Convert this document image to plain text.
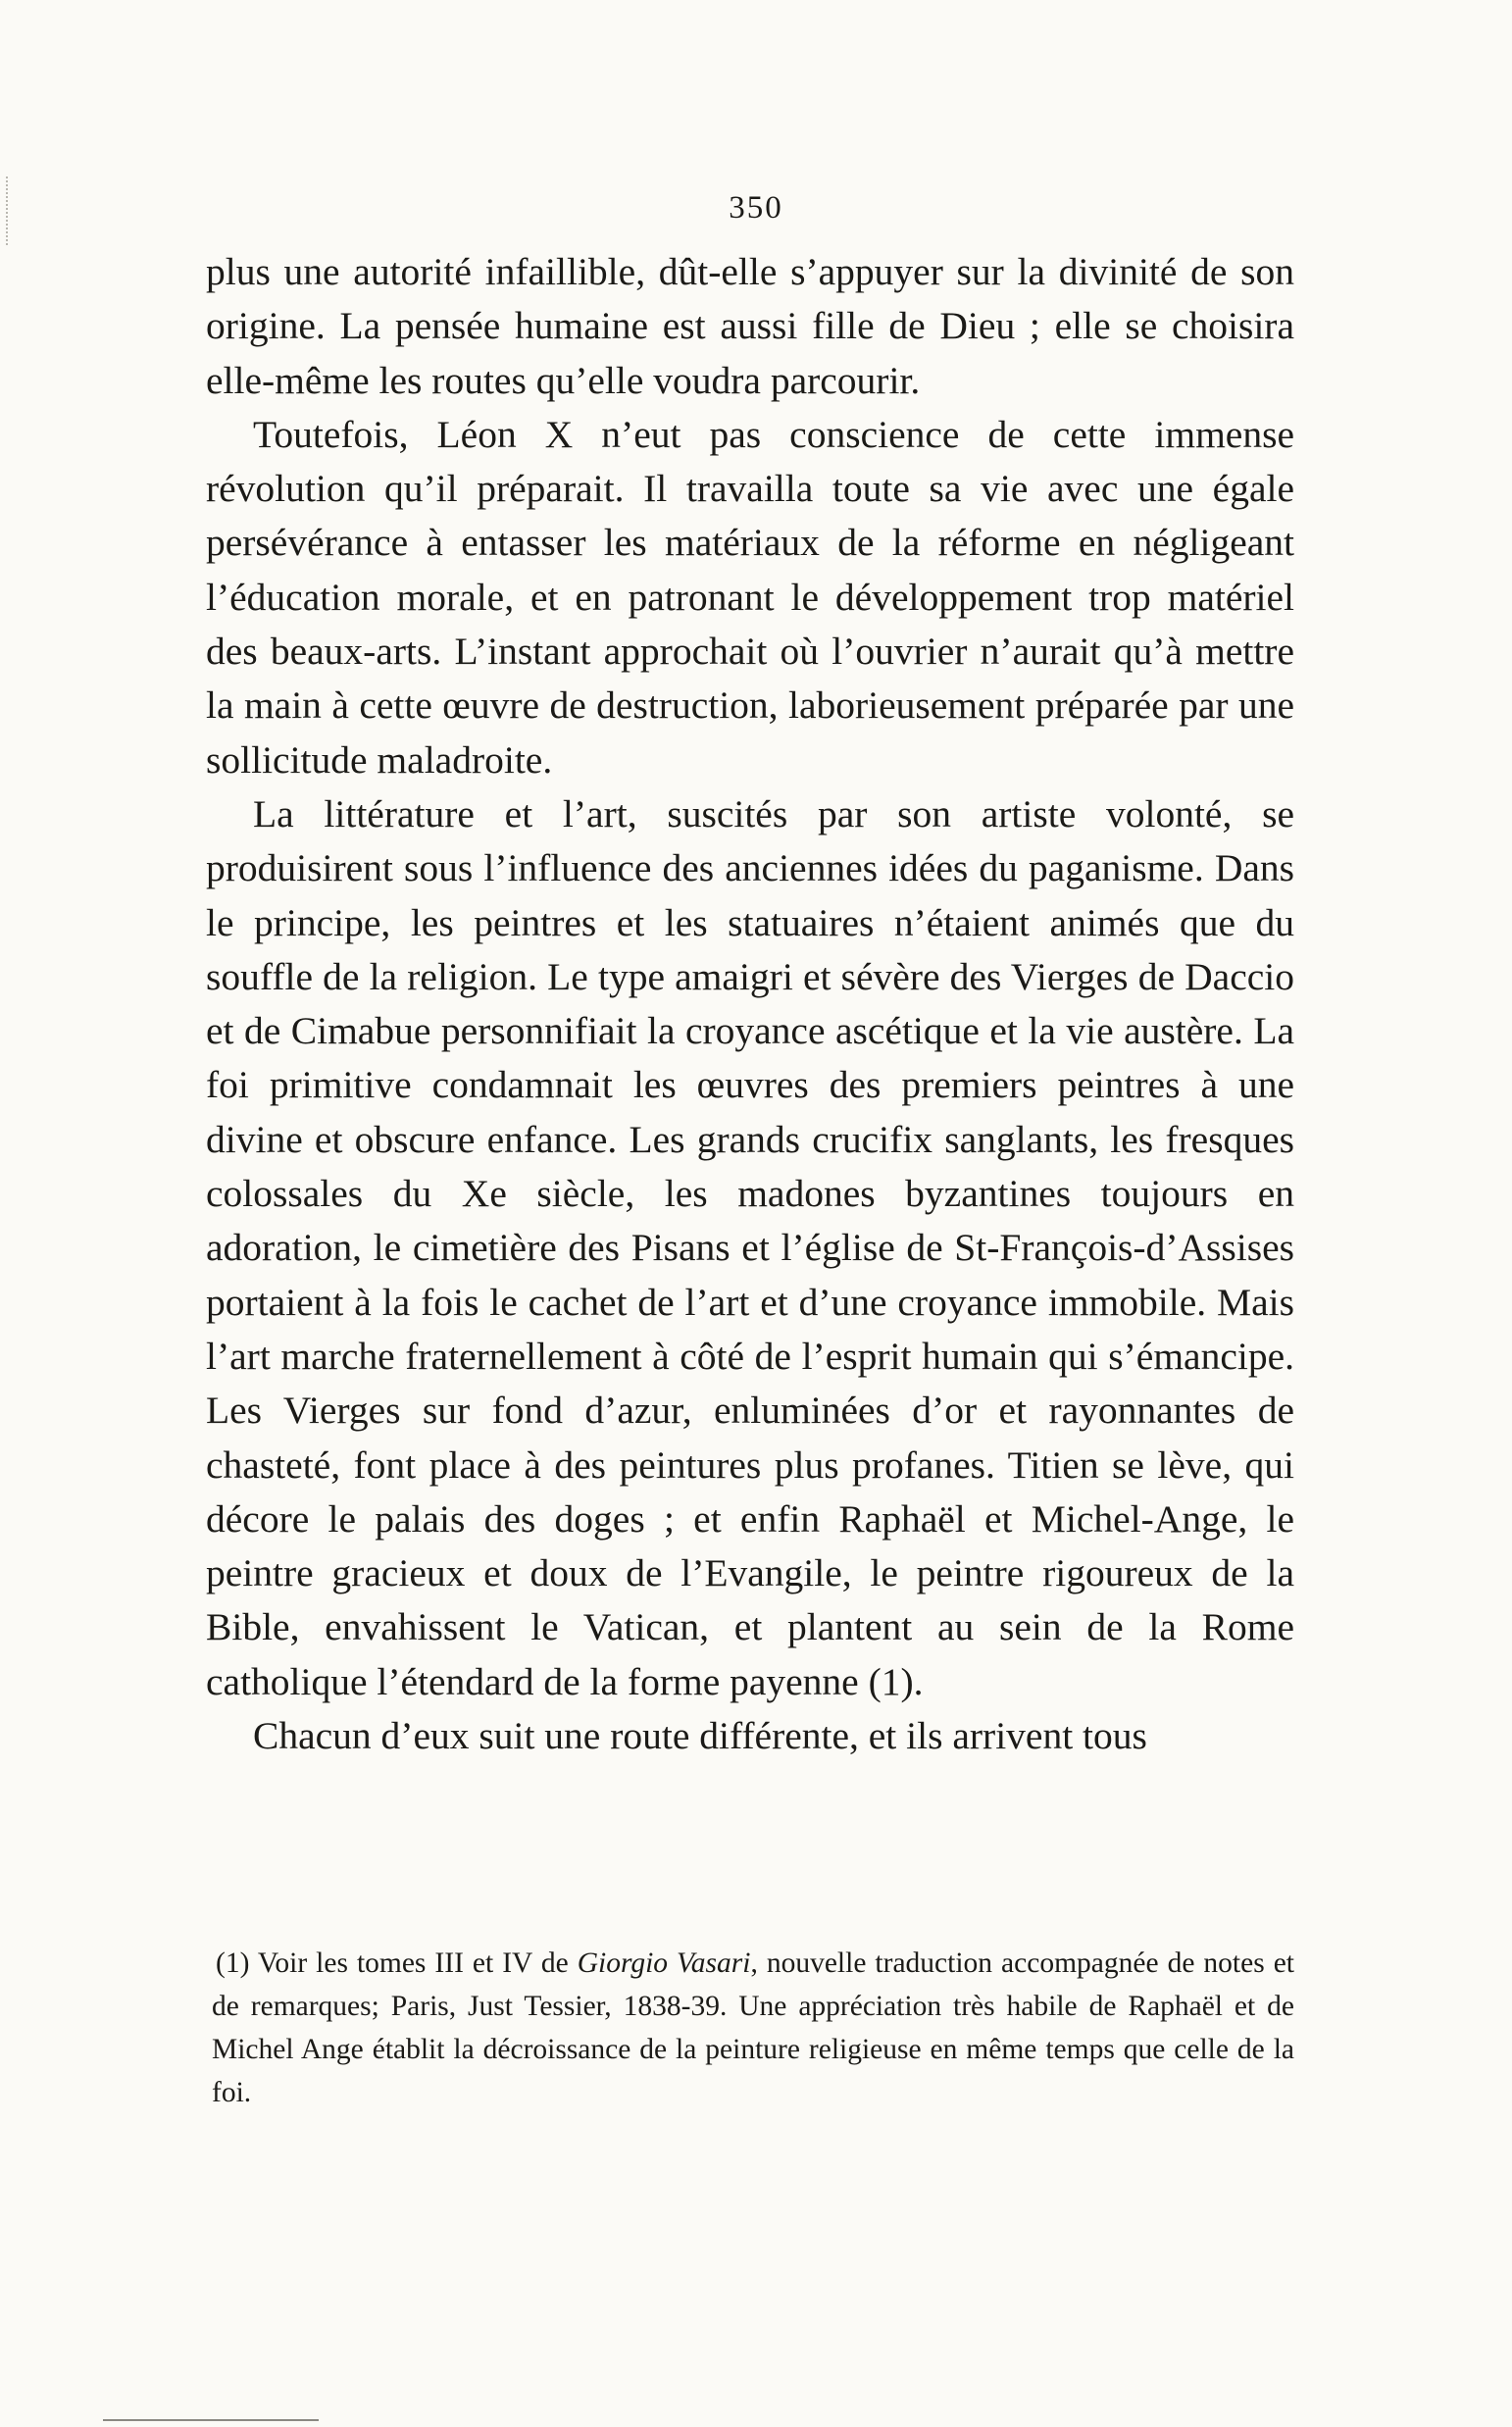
350

plus une autorité infaillible, dût-elle s’appuyer sur la divinité de son origine. La pensée humaine est aussi fille de Dieu ; elle se choisira elle-même les routes qu’elle voudra parcourir.

Toutefois, Léon X n’eut pas conscience de cette immense révolution qu’il préparait. Il travailla toute sa vie avec une égale persévérance à entasser les matériaux de la réforme en négligeant l’éducation morale, et en patronant le développement trop matériel des beaux-arts. L’instant approchait où l’ouvrier n’aurait qu’à mettre la main à cette œuvre de destruction, laborieusement préparée par une sollicitude maladroite.

La littérature et l’art, suscités par son artiste volonté, se produisirent sous l’influence des anciennes idées du paganisme. Dans le principe, les peintres et les statuaires n’étaient animés que du souffle de la religion. Le type amaigri et sévère des Vierges de Daccio et de Cimabue personnifiait la croyance ascétique et la vie austère. La foi primitive condamnait les œuvres des premiers peintres à une divine et obscure enfance. Les grands crucifix sanglants, les fresques colossales du Xe siècle, les madones byzantines toujours en adoration, le cimetière des Pisans et l’église de St-François-d’Assises portaient à la fois le cachet de l’art et d’une croyance immobile. Mais l’art marche fraternellement à côté de l’esprit humain qui s’émancipe. Les Vierges sur fond d’azur, enluminées d’or et rayonnantes de chasteté, font place à des peintures plus profanes. Titien se lève, qui décore le palais des doges ; et enfin Raphaël et Michel-Ange, le peintre gracieux et doux de l’Evangile, le peintre rigoureux de la Bible, envahissent le Vatican, et plantent au sein de la Rome catholique l’étendard de la forme payenne (1).

Chacun d’eux suit une route différente, et ils arrivent tous

(1) Voir les tomes III et IV de Giorgio Vasari, nouvelle traduction accompagnée de notes et de remarques; Paris, Just Tessier, 1838-39. Une appréciation très habile de Raphaël et de Michel Ange établit la décroissance de la peinture religieuse en même temps que celle de la foi.
